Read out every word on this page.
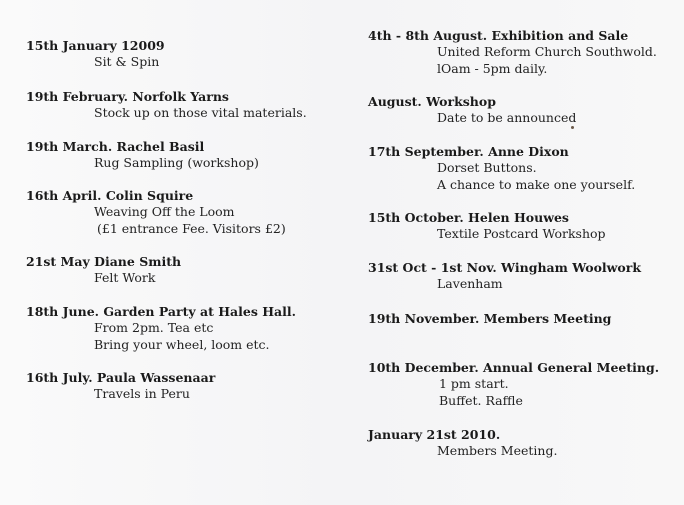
15th January 12009
Sit & Spin
19th February. Norfolk Yarns
Stock up on those vital materials.
19th March. Rachel Basil
Rug Sampling (workshop)
16th April. Colin Squire
Weaving Off the Loom
(£1 entrance Fee. Visitors £2)
21st May Diane Smith
Felt Work
18th June. Garden Party at Hales Hall.
From 2pm. Tea etc
Bring your wheel, loom etc.
16th July. Paula Wassenaar
Travels in Peru
4th - 8th August. Exhibition and Sale
United Reform Church Southwold.
lOam - 5pm daily.
August. Workshop
Date to be announced
17th September. Anne Dixon
Dorset Buttons.
A chance to make one yourself.
15th October. Helen Houwes
Textile Postcard Workshop
31st Oct - 1st Nov. Wingham Woolwork
Lavenham
19th November. Members Meeting
10th December. Annual General Meeting.
1 pm start.
Buffet. Raffle
January 21st 2010.
Members Meeting.
